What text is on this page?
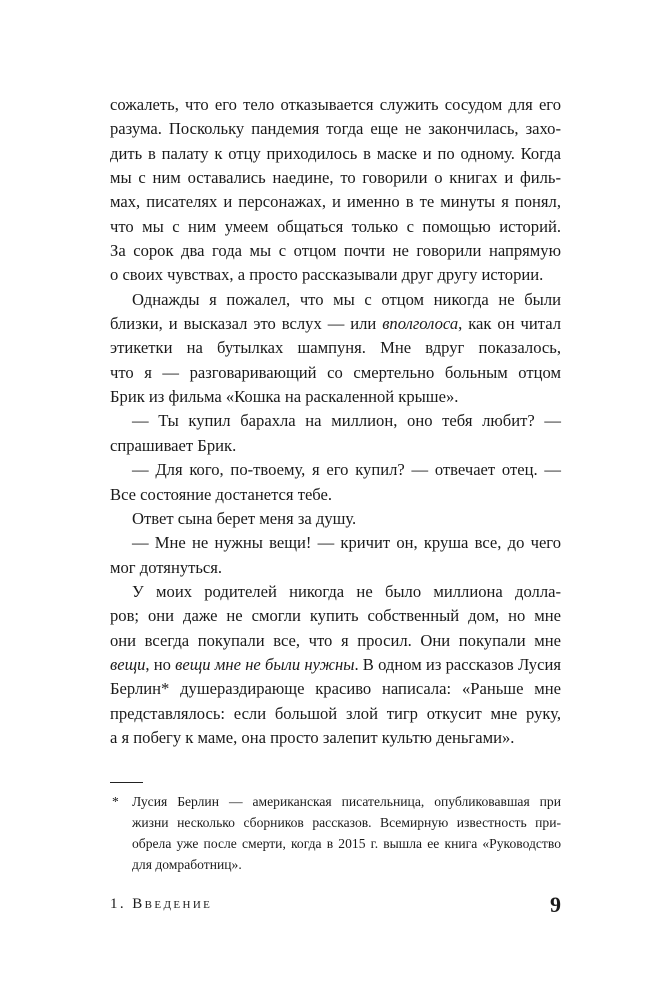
сожалеть, что его тело отказывается служить сосудом для его
разума. Поскольку пандемия тогда еще не закончилась, захо-
дить в палату к отцу приходилось в маске и по одному. Когда
мы с ним оставались наедине, то говорили о книгах и филь-
мах, писателях и персонажах, и именно в те минуты я понял,
что мы с ним умеем общаться только с помощью историй.
За сорок два года мы с отцом почти не говорили напрямую
о своих чувствах, а просто рассказывали друг другу истории.
Однажды я пожалел, что мы с отцом никогда не были
близки, и высказал это вслух — или вполголоса, как он читал
этикетки на бутылках шампуня. Мне вдруг показалось,
что я — разговаривающий со смертельно больным отцом
Брик из фильма «Кошка на раскаленной крыше».
— Ты купил барахла на миллион, оно тебя любит? —
спрашивает Брик.
— Для кого, по-твоему, я его купил? — отвечает отец. —
Все состояние достанется тебе.
Ответ сына берет меня за душу.
— Мне не нужны вещи! — кричит он, круша все, до чего
мог дотянуться.
У моих родителей никогда не было миллиона долла-
ров; они даже не смогли купить собственный дом, но мне
они всегда покупали все, что я просил. Они покупали мне
вещи, но вещи мне не были нужны. В одном из рассказов Лусия
Берлин* душераздирающе красиво написала: «Раньше мне
представлялось: если большой злой тигр откусит мне руку,
а я побегу к маме, она просто залепит культю деньгами».
* Лусия Берлин — американская писательница, опубликовавшая при
жизни несколько сборников рассказов. Всемирную известность при-
обрела уже после смерти, когда в 2015 г. вышла ее книга «Руководство
для домработниц».
1. Введение	9
